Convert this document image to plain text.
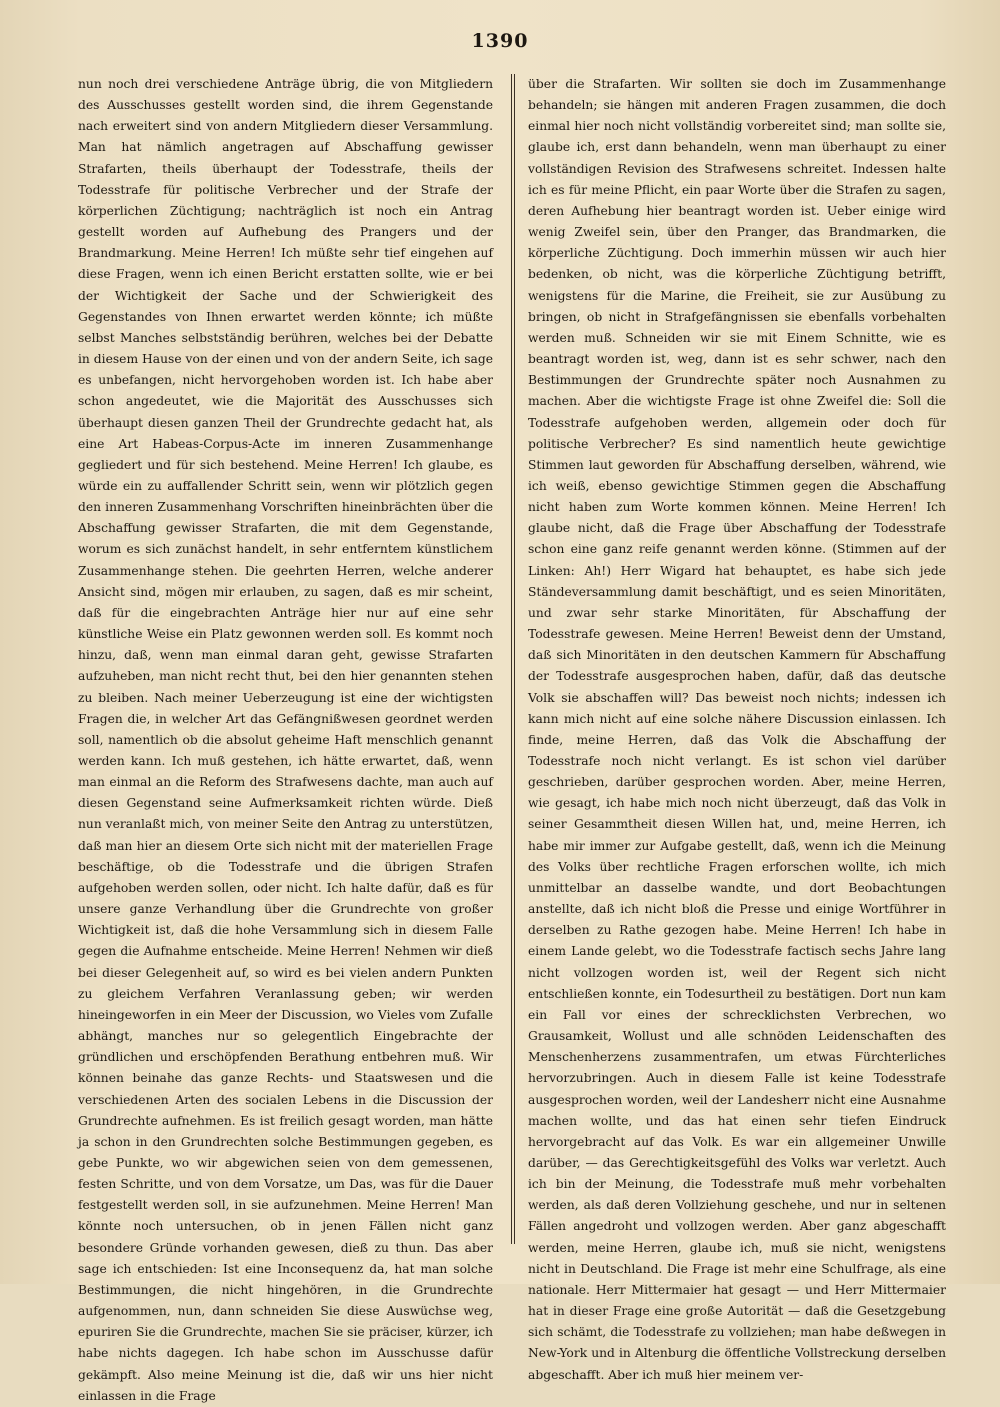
1390

nun noch drei verschiedene Anträge übrig, die von Mitgliedern des Ausschusses gestellt worden sind, die ihrem Gegenstande nach erweitert sind von andern Mitgliedern dieser Versammlung. Man hat nämlich angetragen auf Abschaffung gewisser Strafarten, theils überhaupt der Todesstrafe, theils der Todesstrafe für politische Verbrecher und der Strafe der körperlichen Züchtigung; nachträglich ist noch ein Antrag gestellt worden auf Aufhebung des Prangers und der Brandmarkung. Meine Herren! Ich müßte sehr tief eingehen auf diese Fragen, wenn ich einen Bericht erstatten sollte, wie er bei der Wichtigkeit der Sache und der Schwierigkeit des Gegenstandes von Ihnen erwartet werden könnte; ich müßte selbst Manches selbstständig berühren, welches bei der Debatte in diesem Hause von der einen und von der andern Seite, ich sage es unbefangen, nicht hervorgehoben worden ist. Ich habe aber schon angedeutet, wie die Majorität des Ausschusses sich überhaupt diesen ganzen Theil der Grundrechte gedacht hat, als eine Art Habeas-Corpus-Acte im inneren Zusammenhange gegliedert und für sich bestehend. Meine Herren! Ich glaube, es würde ein zu auffallender Schritt sein, wenn wir plötzlich gegen den inneren Zusammenhang Vorschriften hineinbrächten über die Abschaffung gewisser Strafarten, die mit dem Gegenstande, worum es sich zunächst handelt, in sehr entferntem künstlichem Zusammenhange stehen. Die geehrten Herren, welche anderer Ansicht sind, mögen mir erlauben, zu sagen, daß es mir scheint, daß für die eingebrachten Anträge hier nur auf eine sehr künstliche Weise ein Platz gewonnen werden soll. Es kommt noch hinzu, daß, wenn man einmal daran geht, gewisse Strafarten aufzuheben, man nicht recht thut, bei den hier genannten stehen zu bleiben. Nach meiner Ueberzeugung ist eine der wichtigsten Fragen die, in welcher Art das Gefängnißwesen geordnet werden soll, namentlich ob die absolut geheime Haft menschlich genannt werden kann. Ich muß gestehen, ich hätte erwartet, daß, wenn man einmal an die Reform des Strafwesens dachte, man auch auf diesen Gegenstand seine Aufmerksamkeit richten würde. Dieß nun veranlaßt mich, von meiner Seite den Antrag zu unterstützen, daß man hier an diesem Orte sich nicht mit der materiellen Frage beschäftige, ob die Todesstrafe und die übrigen Strafen aufgehoben werden sollen, oder nicht. Ich halte dafür, daß es für unsere ganze Verhandlung über die Grundrechte von großer Wichtigkeit ist, daß die hohe Versammlung sich in diesem Falle gegen die Aufnahme entscheide. Meine Herren! Nehmen wir dieß bei dieser Gelegenheit auf, so wird es bei vielen andern Punkten zu gleichem Verfahren Veranlassung geben; wir werden hineingeworfen in ein Meer der Discussion, wo Vieles vom Zufalle abhängt, manches nur so gelegentlich Eingebrachte der gründlichen und erschöpfenden Berathung entbehren muß. Wir können beinahe das ganze Rechts- und Staatswesen und die verschiedenen Arten des socialen Lebens in die Discussion der Grundrechte aufnehmen. Es ist freilich gesagt worden, man hätte ja schon in den Grundrechten solche Bestimmungen gegeben, es gebe Punkte, wo wir abgewichen seien von dem gemessenen, festen Schritte, und von dem Vorsatze, um Das, was für die Dauer festgestellt werden soll, in sie aufzunehmen. Meine Herren! Man könnte noch untersuchen, ob in jenen Fällen nicht ganz besondere Gründe vorhanden gewesen, dieß zu thun. Das aber sage ich entschieden: Ist eine Inconsequenz da, hat man solche Bestimmungen, die nicht hingehören, in die Grundrechte aufgenommen, nun, dann schneiden Sie diese Auswüchse weg, epuriren Sie die Grundrechte, machen Sie sie präciser, kürzer, ich habe nichts dagegen. Ich habe schon im Ausschusse dafür gekämpft. Also meine Meinung ist die, daß wir uns hier nicht einlassen in die Frage

über die Strafarten. Wir sollten sie doch im Zusammenhange behandeln; sie hängen mit anderen Fragen zusammen, die doch einmal hier noch nicht vollständig vorbereitet sind; man sollte sie, glaube ich, erst dann behandeln, wenn man überhaupt zu einer vollständigen Revision des Strafwesens schreitet. Indessen halte ich es für meine Pflicht, ein paar Worte über die Strafen zu sagen, deren Aufhebung hier beantragt worden ist. Ueber einige wird wenig Zweifel sein, über den Pranger, das Brandmarken, die körperliche Züchtigung. Doch immerhin müssen wir auch hier bedenken, ob nicht, was die körperliche Züchtigung betrifft, wenigstens für die Marine, die Freiheit, sie zur Ausübung zu bringen, ob nicht in Strafgefängnissen sie ebenfalls vorbehalten werden muß. Schneiden wir sie mit Einem Schnitte, wie es beantragt worden ist, weg, dann ist es sehr schwer, nach den Bestimmungen der Grundrechte später noch Ausnahmen zu machen. Aber die wichtigste Frage ist ohne Zweifel die: Soll die Todesstrafe aufgehoben werden, allgemein oder doch für politische Verbrecher? Es sind namentlich heute gewichtige Stimmen laut geworden für Abschaffung derselben, während, wie ich weiß, ebenso gewichtige Stimmen gegen die Abschaffung nicht haben zum Worte kommen können. Meine Herren! Ich glaube nicht, daß die Frage über Abschaffung der Todesstrafe schon eine ganz reife genannt werden könne. (Stimmen auf der Linken: Ah!) Herr Wigard hat behauptet, es habe sich jede Ständeversammlung damit beschäftigt, und es seien Minoritäten, und zwar sehr starke Minoritäten, für Abschaffung der Todesstrafe gewesen. Meine Herren! Beweist denn der Umstand, daß sich Minoritäten in den deutschen Kammern für Abschaffung der Todesstrafe ausgesprochen haben, dafür, daß das deutsche Volk sie abschaffen will? Das beweist noch nichts; indessen ich kann mich nicht auf eine solche nähere Discussion einlassen. Ich finde, meine Herren, daß das Volk die Abschaffung der Todesstrafe noch nicht verlangt. Es ist schon viel darüber geschrieben, darüber gesprochen worden. Aber, meine Herren, wie gesagt, ich habe mich noch nicht überzeugt, daß das Volk in seiner Gesammtheit diesen Willen hat, und, meine Herren, ich habe mir immer zur Aufgabe gestellt, daß, wenn ich die Meinung des Volks über rechtliche Fragen erforschen wollte, ich mich unmittelbar an dasselbe wandte, und dort Beobachtungen anstellte, daß ich nicht bloß die Presse und einige Wortführer in derselben zu Rathe gezogen habe. Meine Herren! Ich habe in einem Lande gelebt, wo die Todesstrafe factisch sechs Jahre lang nicht vollzogen worden ist, weil der Regent sich nicht entschließen konnte, ein Todesurtheil zu bestätigen. Dort nun kam ein Fall vor eines der schrecklichsten Verbrechen, wo Grausamkeit, Wollust und alle schnöden Leidenschaften des Menschenherzens zusammentrafen, um etwas Fürchterliches hervorzubringen. Auch in diesem Falle ist keine Todesstrafe ausgesprochen worden, weil der Landesherr nicht eine Ausnahme machen wollte, und das hat einen sehr tiefen Eindruck hervorgebracht auf das Volk. Es war ein allgemeiner Unwille darüber, — das Gerechtigkeitsgefühl des Volks war verletzt. Auch ich bin der Meinung, die Todesstrafe muß mehr vorbehalten werden, als daß deren Vollziehung geschehe, und nur in seltenen Fällen angedroht und vollzogen werden. Aber ganz abgeschafft werden, meine Herren, glaube ich, muß sie nicht, wenigstens nicht in Deutschland. Die Frage ist mehr eine Schulfrage, als eine nationale. Herr Mittermaier hat gesagt — und Herr Mittermaier hat in dieser Frage eine große Autorität — daß die Gesetzgebung sich schämt, die Todesstrafe zu vollziehen; man habe deßwegen in New-York und in Altenburg die öffentliche Vollstreckung derselben abgeschafft. Aber ich muß hier meinem ver-
